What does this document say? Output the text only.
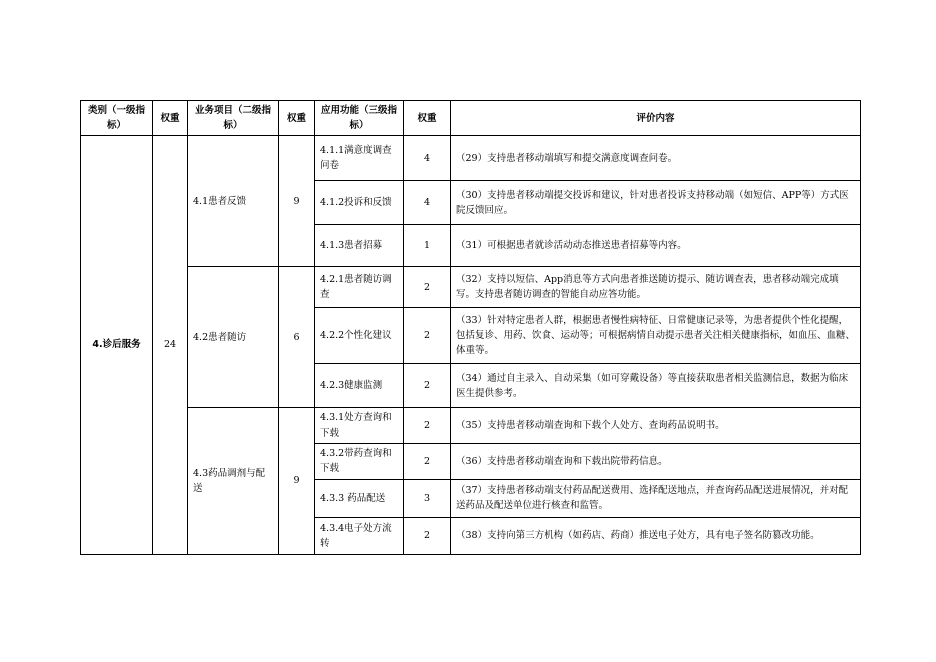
类别（一级指标）	权重	业务项目（二级指标）	权重	应用功能（三级指标）	权重	评价内容
4.诊后服务	24	4.1患者反馈	9	4.1.1满意度调查问卷	4	（29）支持患者移动端填写和提交满意度调查问卷。
				4.1.2投诉和反馈	4	（30）支持患者移动端提交投诉和建议，针对患者投诉支持移动端（如短信、APP等）方式医院反馈回应。
				4.1.3患者招募	1	（31）可根据患者就诊活动动态推送患者招募等内容。
		4.2患者随访	6	4.2.1患者随访调查	2	（32）支持以短信、App消息等方式向患者推送随访提示、随访调查表，患者移动端完成填写。支持患者随访调查的智能自动应答功能。
				4.2.2个性化建议	2	（33）针对特定患者人群，根据患者慢性病特征、日常健康记录等，为患者提供个性化提醒，包括复诊、用药、饮食、运动等；可根据病情自动提示患者关注相关健康指标，如血压、血糖、体重等。
				4.2.3健康监测	2	（34）通过自主录入、自动采集（如可穿戴设备）等直接获取患者相关监测信息，数据为临床医生提供参考。
		4.3药品调剂与配送	9	4.3.1处方查询和下载	2	（35）支持患者移动端查询和下载个人处方、查询药品说明书。
				4.3.2带药查询和下载	2	（36）支持患者移动端查询和下载出院带药信息。
				4.3.3 药品配送	3	（37）支持患者移动端支付药品配送费用、选择配送地点，并查询药品配送进展情况，并对配送药品及配送单位进行核查和监管。
				4.3.4电子处方流转	2	（38）支持向第三方机构（如药店、药商）推送电子处方，具有电子签名防篡改功能。
